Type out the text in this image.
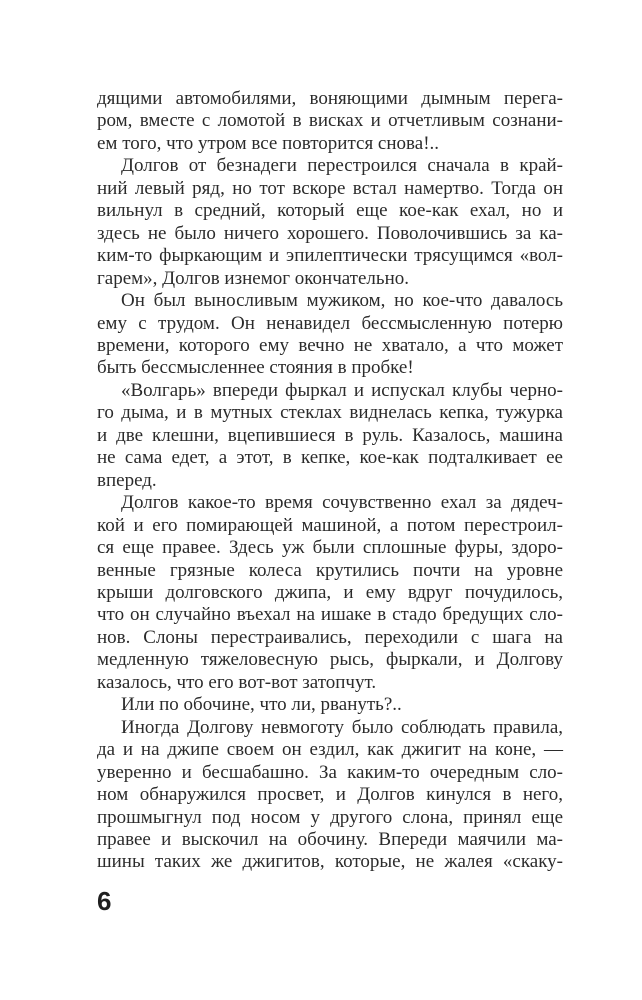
дящими автомобилями, воняющими дымным перега-
ром, вместе с ломотой в висках и отчетливым сознани-
ем того, что утром все повторится снова!..
Долгов от безнадеги перестроился сначала в край-
ний левый ряд, но тот вскоре встал намертво. Тогда он
вильнул в средний, который еще кое-как ехал, но и
здесь не было ничего хорошего. Поволочившись за ка-
ким-то фыркающим и эпилептически трясущимся «вол-
гарем», Долгов изнемог окончательно.
Он был выносливым мужиком, но кое-что давалось
ему с трудом. Он ненавидел бессмысленную потерю
времени, которого ему вечно не хватало, а что может
быть бессмысленнее стояния в пробке!
«Волгарь» впереди фыркал и испускал клубы черно-
го дыма, и в мутных стеклах виднелась кепка, тужурка
и две клешни, вцепившиеся в руль. Казалось, машина
не сама едет, а этот, в кепке, кое-как подталкивает ее
вперед.
Долгов какое-то время сочувственно ехал за дядеч-
кой и его помирающей машиной, а потом перестроил-
ся еще правее. Здесь уж были сплошные фуры, здоро-
венные грязные колеса крутились почти на уровне
крыши долговского джипа, и ему вдруг почудилось,
что он случайно въехал на ишаке в стадо бредущих сло-
нов. Слоны перестраивались, переходили с шага на
медленную тяжеловесную рысь, фыркали, и Долгову
казалось, что его вот-вот затопчут.
Или по обочине, что ли, рвануть?..
Иногда Долгову невмоготу было соблюдать правила,
да и на джипе своем он ездил, как джигит на коне, —
уверенно и бесшабашно. За каким-то очередным сло-
ном обнаружился просвет, и Долгов кинулся в него,
прошмыгнул под носом у другого слона, принял еще
правее и выскочил на обочину. Впереди маячили ма-
шины таких же джигитов, которые, не жалея «скаку-
6
